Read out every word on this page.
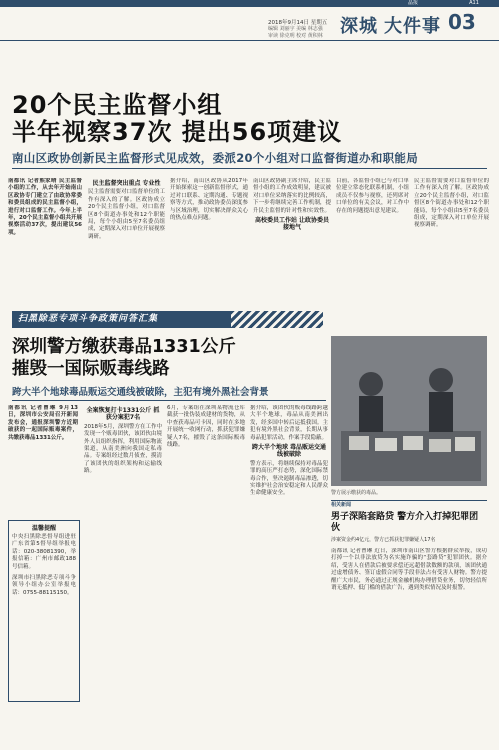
A11
晶报
2018年9月14日 星期五
编辑 刘丽宇 美编 林志强
审读 徐克明 校对 黄积林 深城 大件事 03
20个民主监督小组
半年视察37次 提出56项建议
南山区政协创新民主监督形式见成效，委派20个小组对口监督街道办和职能局
南都讯 记者熊家晴 民主监督小组的工作，从去年开始南山区政协专门建立了由政协常委和委员组成的民主监督小组，进行对口监督工作。今年上半年，20个民主监督小组共开展视察活动37次，提出建议56项。
民主监督突出重点 专业性
民主监督需要对口监督单位的工作有深入的了解。区政协成立20个民主监督小组，对口监督区8个街道办事处和12个职能局，每个小组由5至7名委员组成，定期深入对口单位开展视察调研。
据介绍，南山区政协从2017年开始探索这一创新监督形式，通过对口联系、定期沟通、专题视察等方式，推动政协委员深度参与区域治理，切实解决群众关心的热点难点问题。
南山区政协副主席介绍，民主监督小组的工作成效明显，建议被对口单位采纳落实的比例较高，下一步将继续完善工作机制，提升民主监督的针对性和实效性。
高校委员工作站 让政协委员接地气
目前，各监督小组已与对口单位建立常态化联系机制，小组成员不仅参与视察，还列席对口单位的有关会议，对工作中存在的问题提出意见建议。
民主监督需要对口监督单位的工作有深入的了解。区政协成立20个民主监督小组，对口监督区8个街道办事处和12个职能局，每个小组由5至7名委员组成，定期深入对口单位开展视察调研。
扫黑除恶专项斗争政策问答汇集
深圳警方缴获毒品1331公斤
摧毁一国际贩毒线路
跨大半个地球毒品贩运交通线被破除，主犯有境外黑社会背景
警方展示缴获的毒品。
南都讯 记者曹琳 9月13日，深圳市公安局召开新闻发布会，通报深圳警方近期破获的一起国际贩毒案件，共缴获毒品1331公斤。
全案恢复打卡1331公斤 抓获分案犯7名
2018年5月，深圳警方在工作中发现一个贩毒团伙，该团伙由境外人员组织指挥，利用国际物流渠道，从南美洲向我国走私毒品。专案组经过数月侦查，摸清了该团伙的组织架构和运输线路。
6月，专案组在深圳某物流仓库截获一批伪装成建材的货物，从中查获毒品可卡因，同时在多地开展统一收网行动，抓获犯罪嫌疑人7名，摧毁了这条国际贩毒线路。
据介绍，该团伙的贩毒线路跨越大半个地球，毒品从南美洲出发，经多国中转后运抵我国。主犯有境外黑社会背景，长期从事毒品犯罪活动，作案手段隐蔽。
跨大半个地球 毒品贩运交通线被破除
警方表示，将继续保持对毒品犯罪的高压严打态势，深化国际禁毒合作，坚决遏制毒品渗透，切实维护社会治安稳定和人民群众生命健康安全。
温馨提醒
中央扫黑除恶督导组进驻广东省第5督导组举报电话：020-38081390，举报信箱：广州市邮政188号信箱。
深圳市扫黑除恶专项斗争领导小组办公室举报电话：0755-88115150。
相关新闻
男子深陷套路贷 警方介入打掉犯罪团伙
涉案资金约4亿元，警方已抓获犯罪嫌疑人17名
南都讯 记者曹琳 近日，深圳市南山区警方根据群众举报，成功打掉一个以非法放贷为名实施诈骗的“套路贷”犯罪团伙。据介绍，受害人在借款后被要求偿还远超借款数额的款项，该团伙通过虚增债务、签订虚假合同等手段非法占有受害人财物。警方提醒广大市民，务必通过正规金融机构办理借贷业务，切勿轻信所谓无抵押、低门槛的借款广告，遇到类似情况及时报警。
